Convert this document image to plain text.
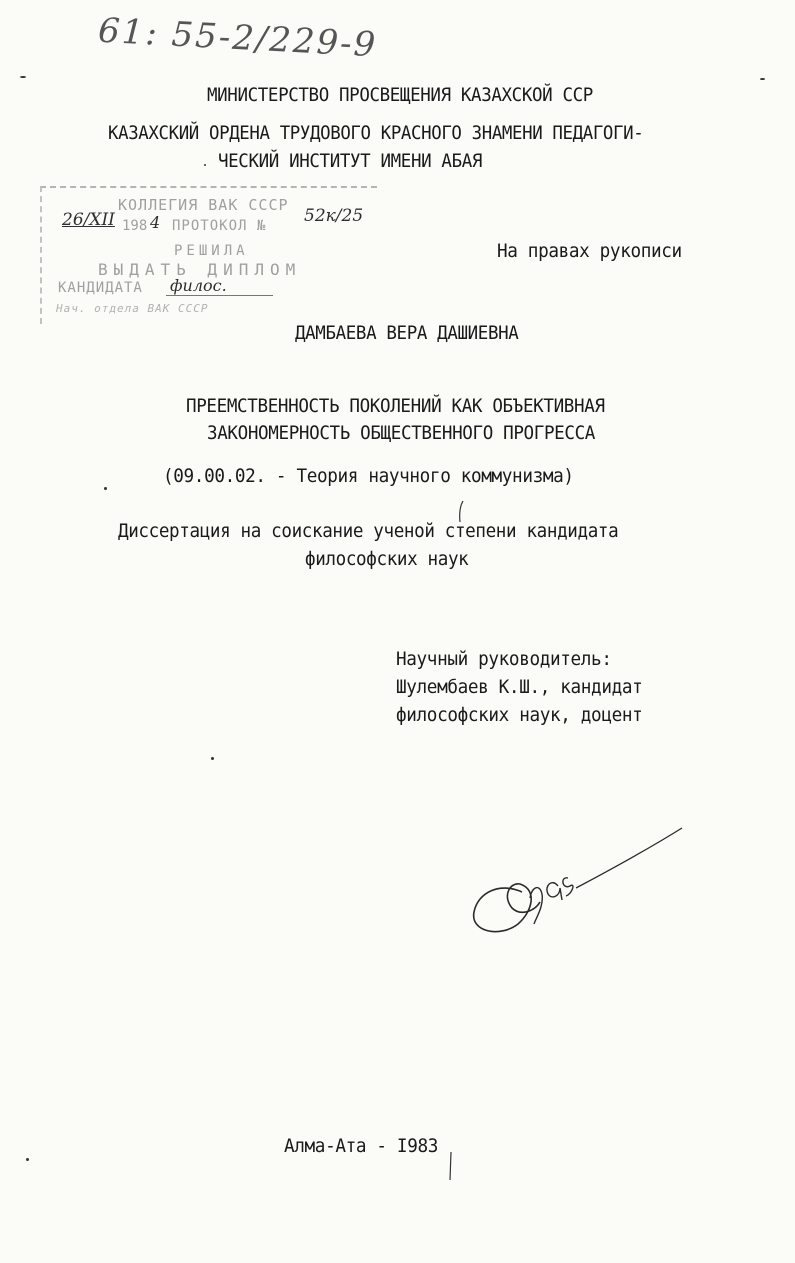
61: 55-2/229-9
МИНИСТЕРСТВО ПРОСВЕЩЕНИЯ КАЗАХСКОЙ ССР
КАЗАХСКИЙ ОРДЕНА ТРУДОВОГО КРАСНОГО ЗНАМЕНИ ПЕДАГОГИ-
ЧЕСКИЙ ИНСТИТУТ ИМЕНИ АБАЯ
КОЛЛЕГИЯ ВАК СССР
26/XII 198 4 ПРОТОКОЛ № 52к/25
РЕШИЛА
ВЫДАТЬ ДИПЛОМ
КАНДИДАТА филос.
Нач. отдела ВАК СССР
На правах рукописи
ДАМБАЕВА ВЕРА ДАШИЕВНА
ПРЕЕМСТВЕННОСТЬ ПОКОЛЕНИЙ КАК ОБЪЕКТИВНАЯ
ЗАКОНОМЕРНОСТЬ ОБЩЕСТВЕННОГО ПРОГРЕССА
(09.00.02. - Теория научного коммунизма)
Диссертация на соискание ученой степени кандидата
философских наук
Научный руководитель:
Шулембаев К.Ш., кандидат
философских наук, доцент
Алма-Ата - I983
